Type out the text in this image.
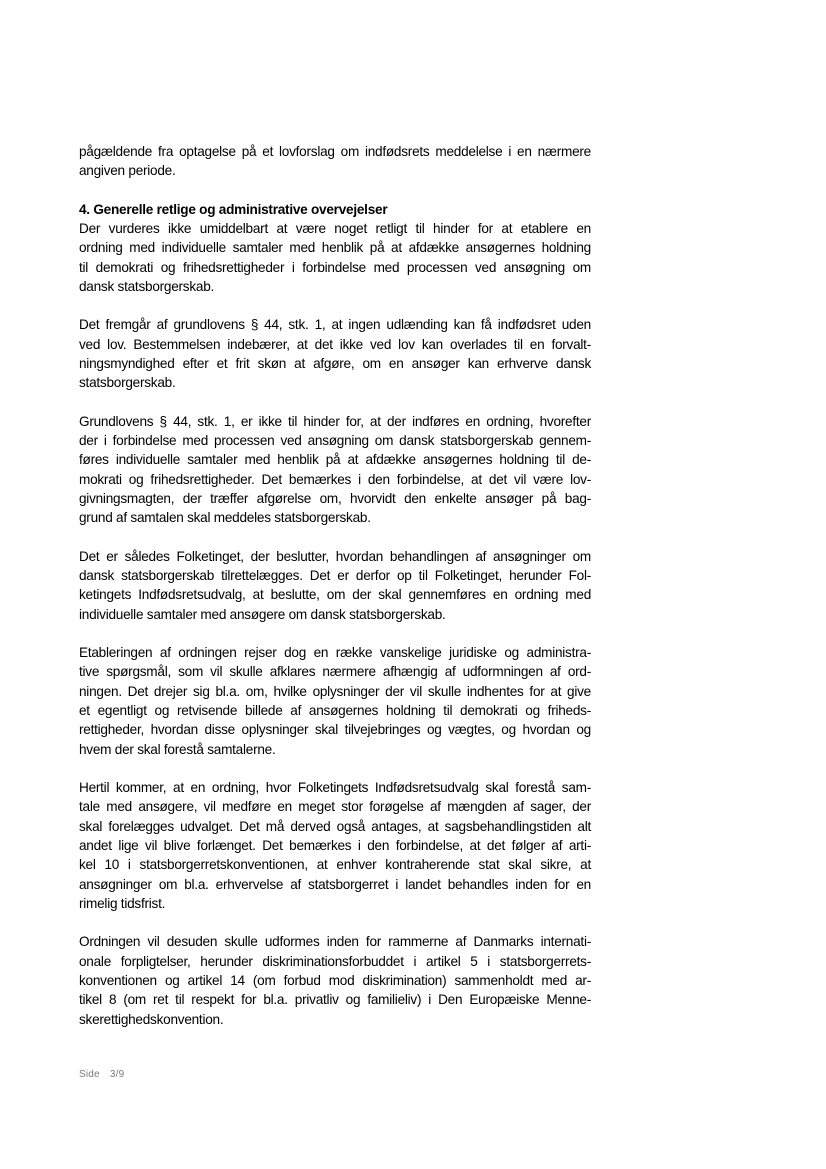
pågældende fra optagelse på et lovforslag om indfødsrets meddelelse i en nærmere
angiven periode.
4. Generelle retlige og administrative overvejelser
Der vurderes ikke umiddelbart at være noget retligt til hinder for at etablere en
ordning med individuelle samtaler med henblik på at afdække ansøgernes holdning
til demokrati og frihedsrettigheder i forbindelse med processen ved ansøgning om
dansk statsborgerskab.
Det fremgår af grundlovens § 44, stk. 1, at ingen udlænding kan få indfødsret uden
ved lov. Bestemmelsen indebærer, at det ikke ved lov kan overlades til en forvalt-
ningsmyndighed efter et frit skøn at afgøre, om en ansøger kan erhverve dansk
statsborgerskab.
Grundlovens § 44, stk. 1, er ikke til hinder for, at der indføres en ordning, hvorefter
der i forbindelse med processen ved ansøgning om dansk statsborgerskab gennem-
føres individuelle samtaler med henblik på at afdække ansøgernes holdning til de-
mokrati og frihedsrettigheder. Det bemærkes i den forbindelse, at det vil være lov-
givningsmagten, der træffer afgørelse om, hvorvidt den enkelte ansøger på bag-
grund af samtalen skal meddeles statsborgerskab.
Det er således Folketinget, der beslutter, hvordan behandlingen af ansøgninger om
dansk statsborgerskab tilrettelægges. Det er derfor op til Folketinget, herunder Fol-
ketingets Indfødsretsudvalg, at beslutte, om der skal gennemføres en ordning med
individuelle samtaler med ansøgere om dansk statsborgerskab.
Etableringen af ordningen rejser dog en række vanskelige juridiske og administra-
tive spørgsmål, som vil skulle afklares nærmere afhængig af udformningen af ord-
ningen. Det drejer sig bl.a. om, hvilke oplysninger der vil skulle indhentes for at give
et egentligt og retvisende billede af ansøgernes holdning til demokrati og friheds-
rettigheder, hvordan disse oplysninger skal tilvejebringes og vægtes, og hvordan og
hvem der skal forestå samtalerne.
Hertil kommer, at en ordning, hvor Folketingets Indfødsretsudvalg skal forestå sam-
tale med ansøgere, vil medføre en meget stor forøgelse af mængden af sager, der
skal forelægges udvalget. Det må derved også antages, at sagsbehandlingstiden alt
andet lige vil blive forlænget. Det bemærkes i den forbindelse, at det følger af arti-
kel 10 i statsborgerretskonventionen, at enhver kontraherende stat skal sikre, at
ansøgninger om bl.a. erhvervelse af statsborgerret i landet behandles inden for en
rimelig tidsfrist.
Ordningen vil desuden skulle udformes inden for rammerne af Danmarks internati-
onale forpligtelser, herunder diskriminationsforbuddet i artikel 5 i statsborgerrets-
konventionen og artikel 14 (om forbud mod diskrimination) sammenholdt med ar-
tikel 8 (om ret til respekt for bl.a. privatliv og familieliv) i Den Europæiske Menne-
skerettighedskonvention.
Side 3/9
